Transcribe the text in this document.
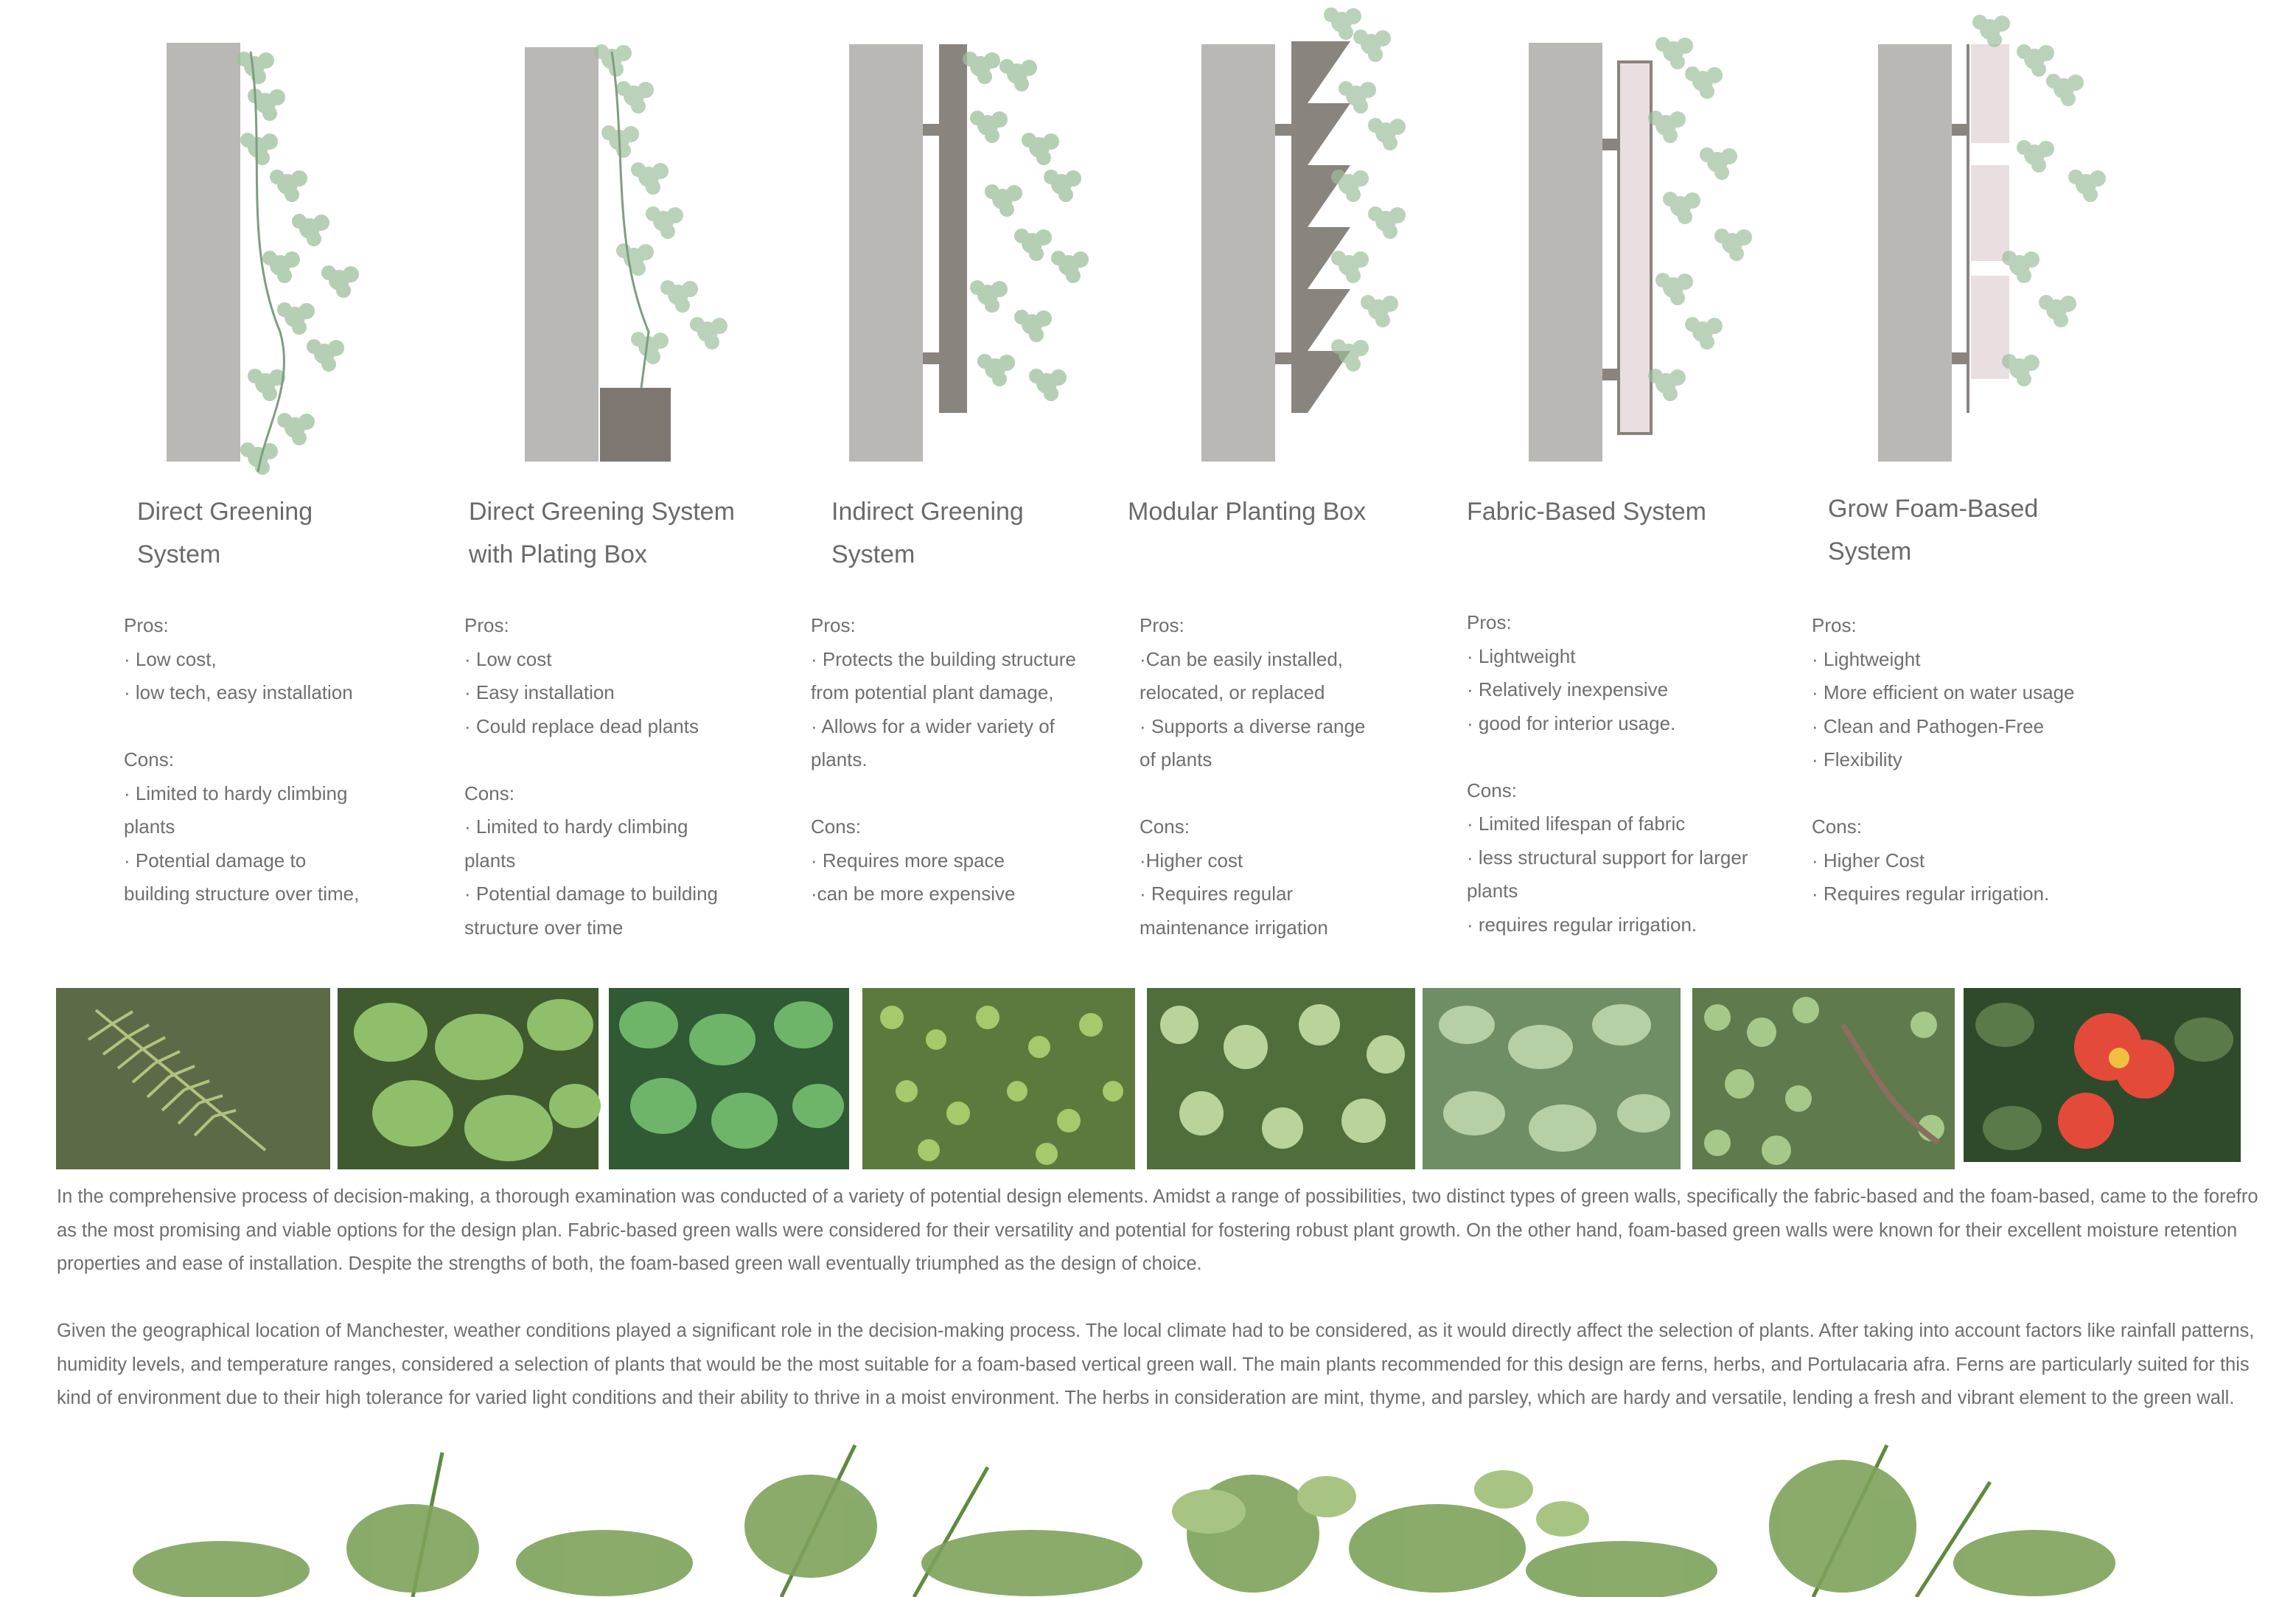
Direct Greening
System
Pros:
· Low cost,
· low tech, easy installation
Cons:
· Limited to hardy climbing
plants
· Potential damage to
building structure over time,
Direct Greening System
with Plating Box
Pros:
· Low cost
· Easy installation
· Could replace dead plants
Cons:
· Limited to hardy climbing
plants
· Potential damage to building
structure over time
Indirect Greening
System
Pros:
· Protects the building structure
from potential plant damage,
· Allows for a wider variety of
plants.
Cons:
· Requires more space
·can be more expensive
Modular Planting Box
Pros:
·Can be easily installed,
relocated, or replaced
· Supports a diverse range
of plants
Cons:
·Higher cost
· Requires regular
maintenance irrigation
Fabric-Based System
Pros:
· Lightweight
· Relatively inexpensive
· good for interior usage.
Cons:
· Limited lifespan of fabric
· less structural support for larger
plants
· requires regular irrigation.
Grow Foam-Based
System
Pros:
· Lightweight
· More efficient on water usage
· Clean and Pathogen-Free
· Flexibility
Cons:
· Higher Cost
· Requires regular irrigation.

In the comprehensive process of decision-making, a thorough examination was conducted of a variety of potential design elements. Amidst a range of possibilities, two distinct types of green walls, specifically the fabric-based and the foam-based, came to the forefro
as the most promising and viable options for the design plan. Fabric-based green walls were considered for their versatility and potential for fostering robust plant growth. On the other hand, foam-based green walls were known for their excellent moisture retention
properties and ease of installation. Despite the strengths of both, the foam-based green wall eventually triumphed as the design of choice.

Given the geographical location of Manchester, weather conditions played a significant role in the decision-making process. The local climate had to be considered, as it would directly affect the selection of plants. After taking into account factors like rainfall patterns,
humidity levels, and temperature ranges, considered a selection of plants that would be the most suitable for a foam-based vertical green wall. The main plants recommended for this design are ferns, herbs, and Portulacaria afra. Ferns are particularly suited for this
kind of environment due to their high tolerance for varied light conditions and their ability to thrive in a moist environment. The herbs in consideration are mint, thyme, and parsley, which are hardy and versatile, lending a fresh and vibrant element to the green wall.
